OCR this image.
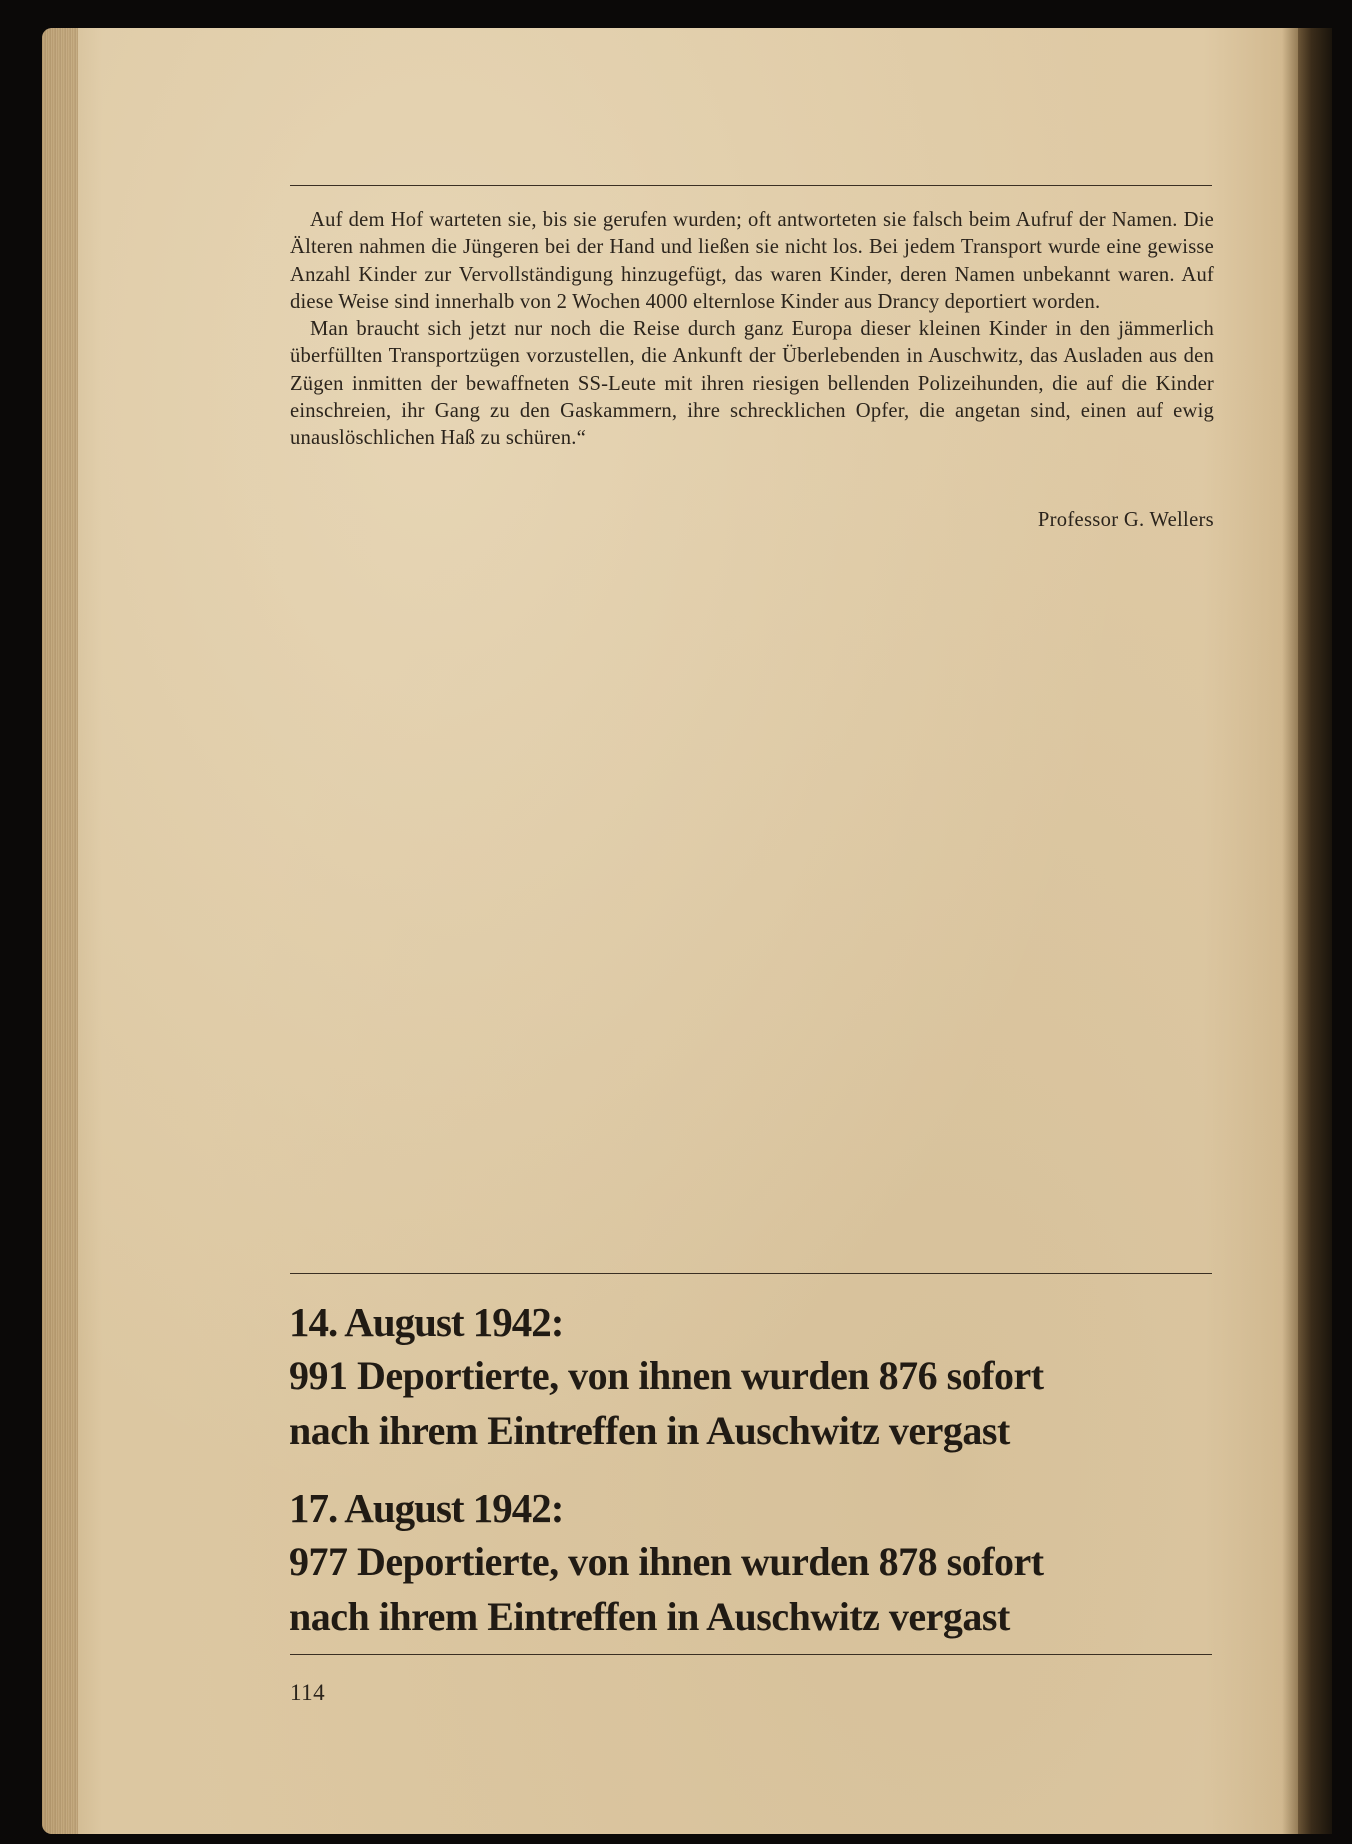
Auf dem Hof warteten sie, bis sie gerufen wurden; oft antworteten sie falsch beim Aufruf der Namen. Die Älteren nahmen die Jüngeren bei der Hand und ließen sie nicht los. Bei jedem Transport wurde eine gewisse Anzahl Kinder zur Vervollständigung hinzugefügt, das waren Kinder, deren Namen unbekannt waren. Auf diese Weise sind innerhalb von 2 Wochen 4000 elternlose Kinder aus Drancy deportiert worden.

Man braucht sich jetzt nur noch die Reise durch ganz Europa dieser kleinen Kinder in den jämmerlich überfüllten Transportzügen vorzustellen, die Ankunft der Überlebenden in Auschwitz, das Ausladen aus den Zügen inmitten der bewaffneten SS-Leute mit ihren riesigen bellenden Polizeihunden, die auf die Kinder einschreien, ihr Gang zu den Gaskammern, ihre schrecklichen Opfer, die angetan sind, einen auf ewig unauslöschlichen Haß zu schüren.“

Professor G. Wellers
14. August 1942:
991 Deportierte, von ihnen wurden 876 sofort
nach ihrem Eintreffen in Auschwitz vergast
17. August 1942:
977 Deportierte, von ihnen wurden 878 sofort
nach ihrem Eintreffen in Auschwitz vergast
114
